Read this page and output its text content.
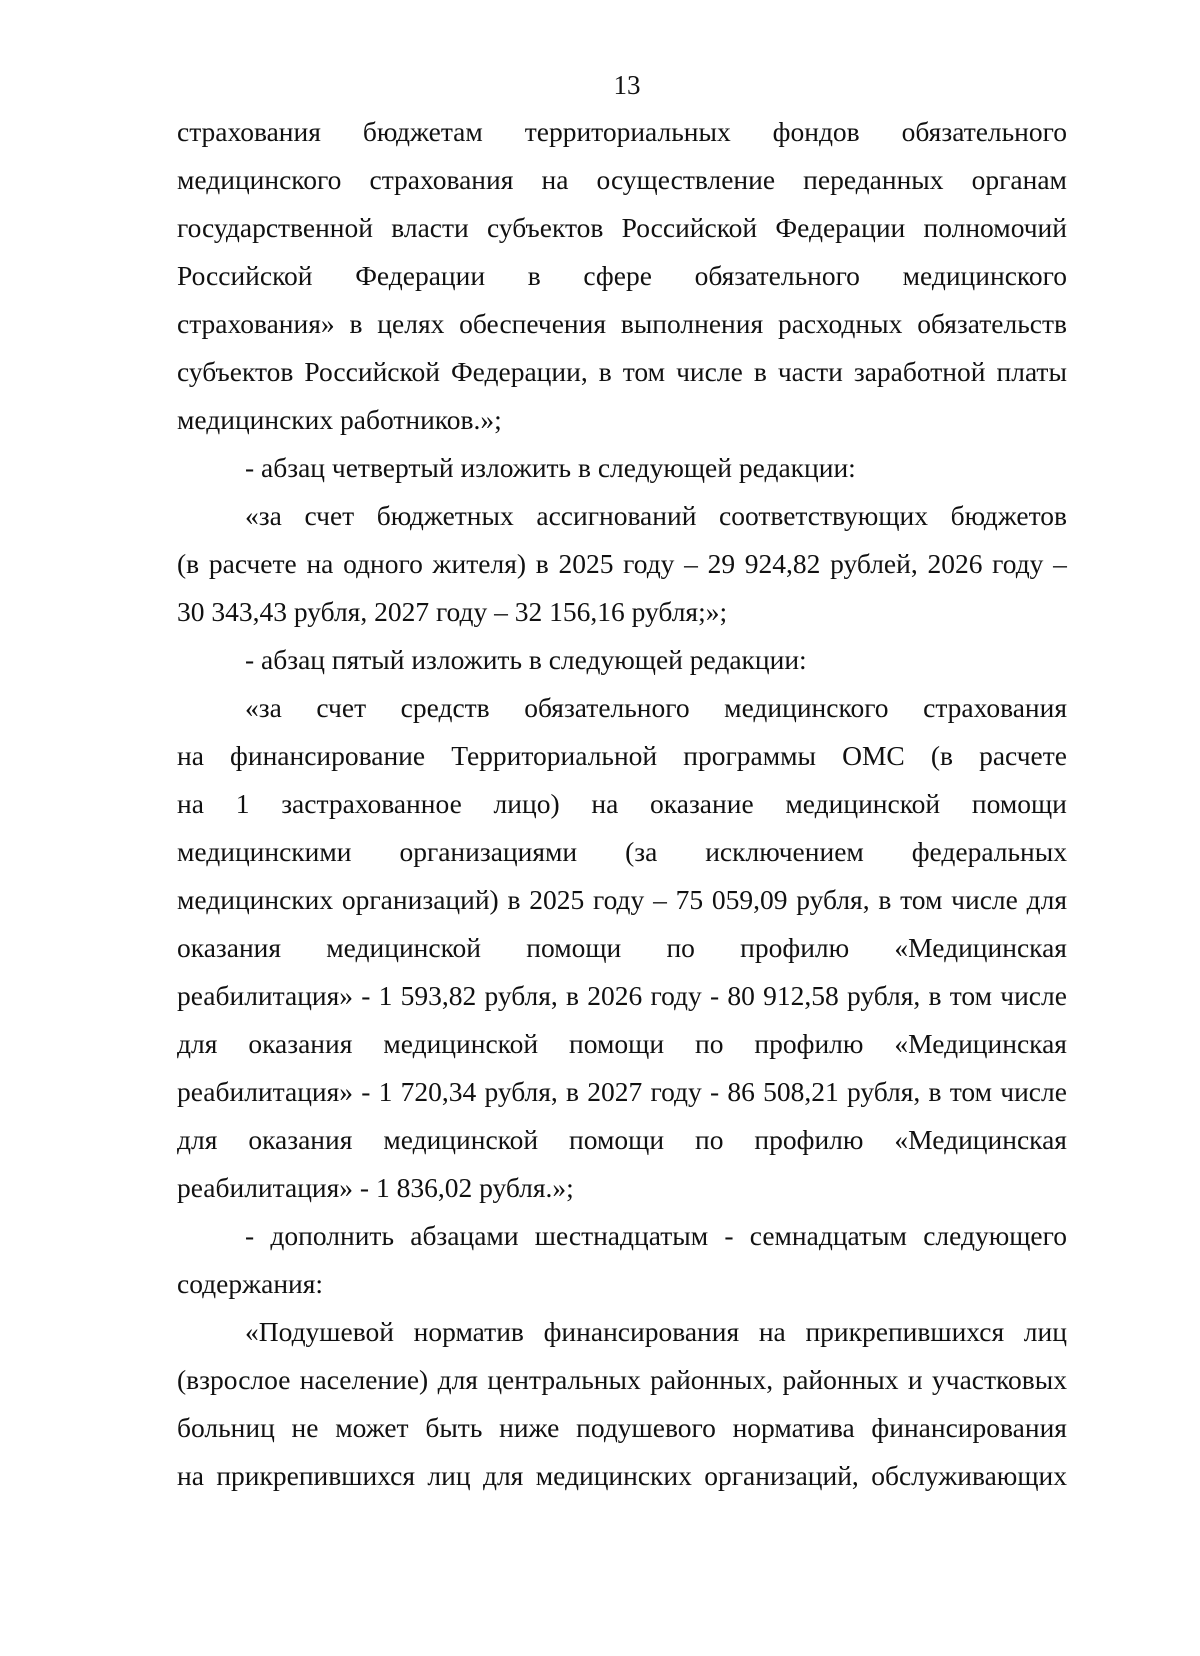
13
страхования бюджетам территориальных фондов обязательного
медицинского страхования на осуществление переданных органам
государственной власти субъектов Российской Федерации полномочий
Российской Федерации в сфере обязательного медицинского
страхования» в целях обеспечения выполнения расходных обязательств
субъектов Российской Федерации, в том числе в части заработной платы
медицинских работников.»;
- абзац четвертый изложить в следующей редакции:
«за счет бюджетных ассигнований соответствующих бюджетов
(в расчете на одного жителя) в 2025 году – 29 924,82 рублей, 2026 году –
30 343,43 рубля, 2027 году – 32 156,16 рубля;»;
- абзац пятый изложить в следующей редакции:
«за счет средств обязательного медицинского страхования
на финансирование Территориальной программы ОМС (в расчете
на 1 застрахованное лицо) на оказание медицинской помощи
медицинскими организациями (за исключением федеральных
медицинских организаций) в 2025 году – 75 059,09 рубля, в том числе для
оказания медицинской помощи по профилю «Медицинская
реабилитация» - 1 593,82 рубля, в 2026 году - 80 912,58 рубля, в том числе
для оказания медицинской помощи по профилю «Медицинская
реабилитация» - 1 720,34 рубля, в 2027 году - 86 508,21 рубля, в том числе
для оказания медицинской помощи по профилю «Медицинская
реабилитация» - 1 836,02 рубля.»;
- дополнить абзацами шестнадцатым - семнадцатым следующего
содержания:
«Подушевой норматив финансирования на прикрепившихся лиц
(взрослое население) для центральных районных, районных и участковых
больниц не может быть ниже подушевого норматива финансирования
на прикрепившихся лиц для медицинских организаций, обслуживающих
